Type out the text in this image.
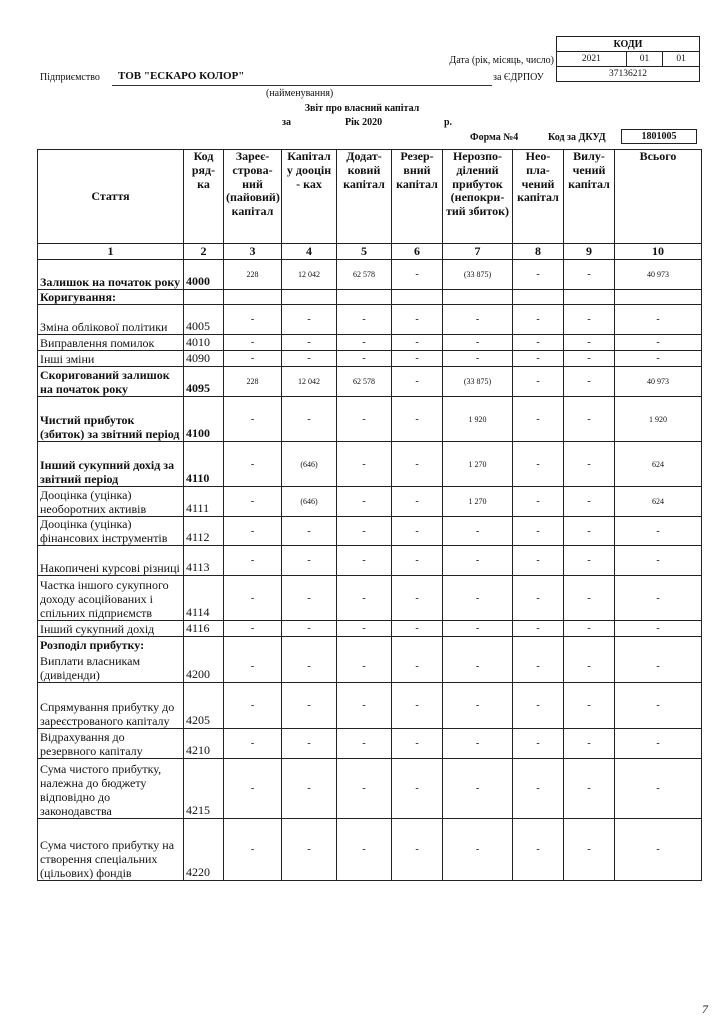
КОДИ
2021	01	01
37136212
Дата (рік, місяць, число)
Підприємство ТОВ "ЕСКАРО КОЛОР"	за ЄДРПОУ
(найменування)
Звіт про власний капітал
за	Рік 2020	р.
Форма №4	Код за ДКУД	1801005
Стаття	Код ряд-ка	Зареє-строва-ний (пайовий) капітал	Капітал у дооцін - ках	Додат-ковий капітал	Резер-вний капітал	Нерозпо-ділений прибуток (непокри-тий збиток)	Нео-пла-чений капітал	Вилу-чений капітал	Всього
1	2	3	4	5	6	7	8	9	10
Залишок на початок року	4000	228	12 042	62 578	-	(33 875)	-	-	40 973
Коригування:									
Зміна облікової політики	4005	-	-	-	-	-	-	-	-
Виправлення помилок	4010	-	-	-	-	-	-	-	-
Інші зміни	4090	-	-	-	-	-	-	-	-
Скоригований залишок на початок року	4095	228	12 042	62 578	-	(33 875)	-	-	40 973
Чистий прибуток (збиток) за звітний період	4100	-	-	-	-	1 920	-	-	1 920
Інший сукупний дохід за звітний період	4110	-	(646)	-	-	1 270	-	-	624
Дооцінка (уцінка) необоротних активів	4111	-	(646)	-	-	1 270	-	-	624
Дооцінка (уцінка) фінансових інструментів	4112	-	-	-	-	-	-	-	-
Накопичені курсові різниці	4113	-	-	-	-	-	-	-	-
Частка іншого сукупного доходу асоційованих і спільних підприємств	4114	-	-	-	-	-	-	-	-
Інший сукупний дохід	4116	-	-	-	-	-	-	-	-
Розподіл прибутку:									
Виплати власникам (дивіденди)	4200	-	-	-	-	-	-	-	-
Спрямування прибутку до зареєстрованого капіталу	4205	-	-	-	-	-	-	-	-
Відрахування до резервного капіталу	4210	-	-	-	-	-	-	-	-
Сума чистого прибутку, належна до бюджету відповідно до законодавства	4215	-	-	-	-	-	-	-	-
Сума чистого прибутку на створення спеціальних (цільових) фондів	4220	-	-	-	-	-	-	-	-
7
